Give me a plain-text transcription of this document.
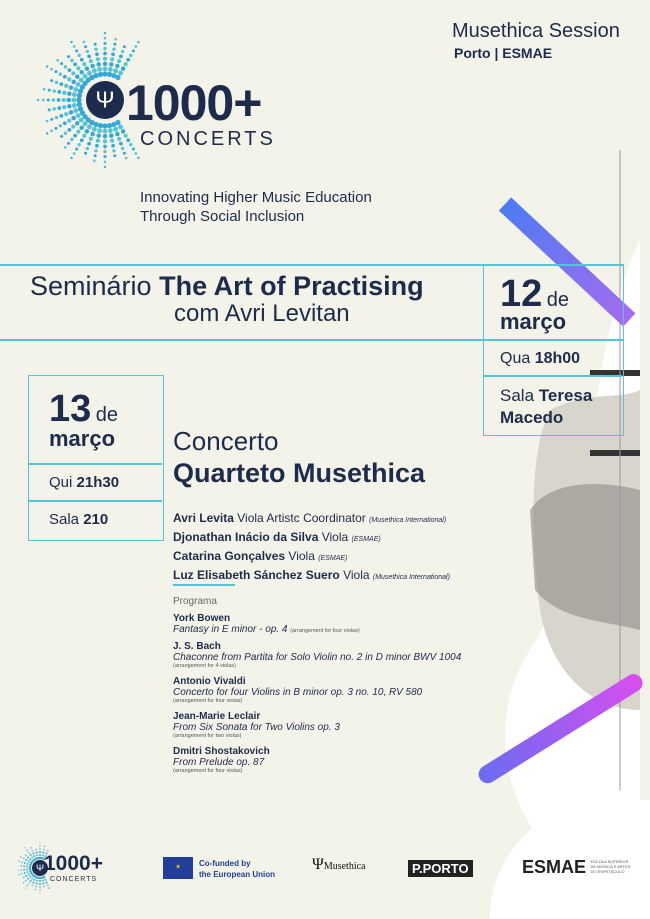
Ψ 1000+
CONCERTS
Innovating Higher Music Education
Through Social Inclusion
Musethica Session
Porto | ESMAE
Seminário The Art of Practising
com Avri Levitan	12 de
março
Qua 18h00
Sala Teresa Macedo
13 de
março
Qui 21h30
Sala 210
Concerto
Quarteto Musethica
Avri Levita Viola Artistc Coordinator (Musethica International)
Djonathan Inácio da Silva Viola (ESMAE)
Catarina Gonçalves Viola (ESMAE)
Luz Elisabeth Sánchez Suero Viola (Musethica International)
Programa
York Bowen
Fantasy in E minor - op. 4 (arrangement for four violas)
J. S. Bach
Chaconne from Partita for Solo Violin no. 2 in D minor BWV 1004
(arrangement for 4 violas)
Antonio Vivaldi
Concerto for four Violins in B minor op. 3 no. 10, RV 580
(arrangement for four violas)
Jean-Marie Leclair
From Six Sonata for Two Violins op. 3
(arrangement for two violas)
Dmitri Shostakovich
From Prelude op. 87
(arrangement for four violas)
Ψ 1000+
CONCERTS
✶	Co-funded by
the European Union
ΨMusethica	P.PORTO	ESMAE ESCOLA SUPERIOR
DE MÚSICA E ARTES
DO ESPETÁCULO
